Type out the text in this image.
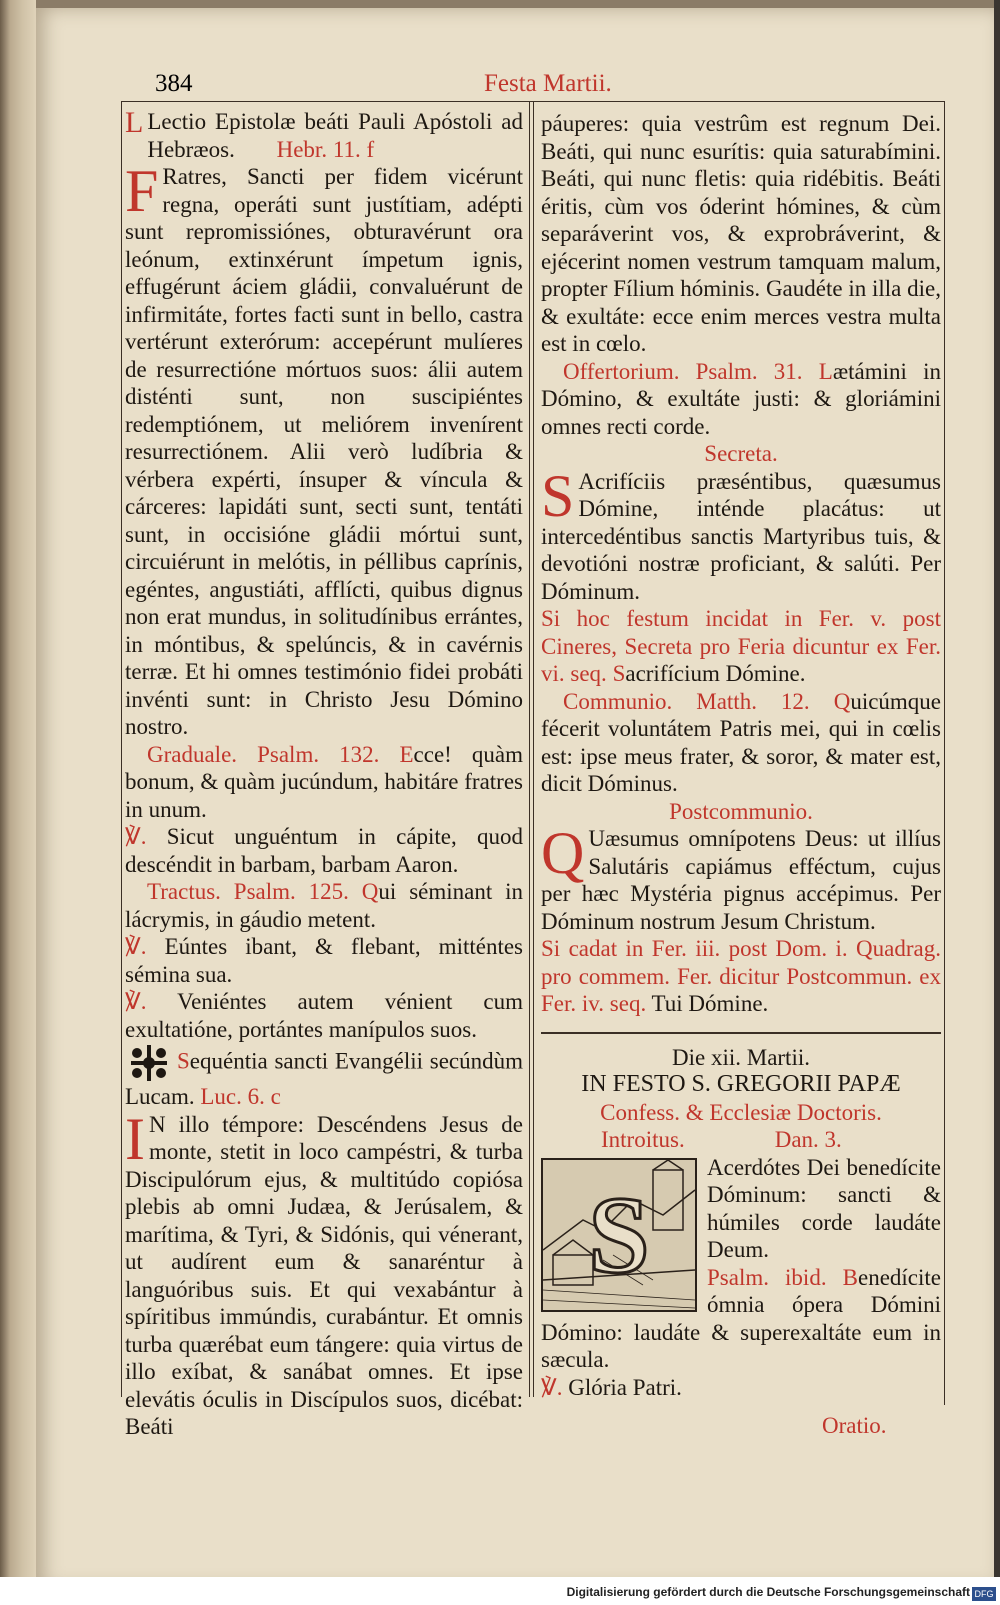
384	Festa Martii.

L Lectio Epistolæ beáti Pauli Apóstoli ad Hebræos. Hebr. 11. f

F Ratres, Sancti per fidem vicérunt regna, operáti sunt justítiam, adépti sunt repromissiónes, obturavérunt ora leónum, extinxérunt ímpetum ignis, effugérunt áciem gládii, convaluérunt de infirmitáte, fortes facti sunt in bello, castra vertérunt exterórum: accepérunt mulíeres de resurrectióne mórtuos suos: álii autem disténti sunt, non suscipiéntes redemptiónem, ut meliórem invenírent resurrectiónem. Alii verò ludíbria & vérbera expérti, ínsuper & víncula & cárceres: lapidáti sunt, secti sunt, tentáti sunt, in occisióne gládii mórtui sunt, circuiérunt in melótis, in péllibus caprínis, egéntes, angustiáti, afflícti, quibus dignus non erat mundus, in solitudínibus errántes, in móntibus, & spelúncis, & in cavérnis terræ. Et hi omnes testimónio fidei probáti invénti sunt: in Christo Jesu Dómino nostro.

Graduale. Psalm. 132. Ecce! quàm bonum, & quàm jucúndum, habitáre fratres in unum.

℣. Sicut unguéntum in cápite, quod descéndit in barbam, barbam Aaron.

Tractus. Psalm. 125. Qui séminant in lácrymis, in gáudio metent.

℣. Eúntes ibant, & flebant, mitténtes sémina sua.

℣. Veniéntes autem vénient cum exultatióne, portántes manípulos suos.

Sequéntia sancti Evangélii secúndùm Lucam. Luc. 6. c

I N illo témpore: Descéndens Jesus de monte, stetit in loco campéstri, & turba Discipulórum ejus, & multitúdo copiósa plebis ab omni Judæa, & Jerúsalem, & marítima, & Tyri, & Sidónis, qui vénerant, ut audírent eum & sanaréntur à languóribus suis. Et qui vexabántur à spíritibus immúndis, curabántur. Et omnis turba quærébat eum tángere: quia virtus de illo exíbat, & sanábat omnes. Et ipse elevátis óculis in Discípulos suos, dicébat: Beáti

páuperes: quia vestrûm est regnum Dei. Beáti, qui nunc esurítis: quia saturabímini. Beáti, qui nunc fletis: quia ridébitis. Beáti éritis, cùm vos óderint hómines, & cùm separáverint vos, & exprobráverint, & ejécerint nomen vestrum tamquam malum, propter Fílium hóminis. Gaudéte in illa die, & exultáte: ecce enim merces vestra multa est in cœlo.

Offertorium. Psalm. 31. Lætámini in Dómino, & exultáte justi: & gloriámini omnes recti corde.

Secreta.

S Acrifíciis præséntibus, quæsumus Dómine, inténde placátus: ut intercedéntibus sanctis Martyribus tuis, & devotióni nostræ proficiant, & salúti. Per Dóminum.

Si hoc festum incidat in Fer. v. post Cineres, Secreta pro Feria dicuntur ex Fer. vi. seq. Sacrifícium Dómine.

Communio. Matth. 12. Quicúmque fécerit voluntátem Patris mei, qui in cœlis est: ipse meus frater, & soror, & mater est, dicit Dóminus.

Postcommunio.

Q Uæsumus omnípotens Deus: ut illíus Salutáris capiámus efféctum, cujus per hæc Mystéria pignus accépimus. Per Dóminum nostrum Jesum Christum.

Si cadat in Fer. iii. post Dom. i. Quadrag. pro commem. Fer. dicitur Postcommun. ex Fer. iv. seq. Tui Dómine.

Die xii. Martii.

IN FESTO S. GREGORII PAPÆ

Confess. & Ecclesiæ Doctoris.

Introitus.	Dan. 3.

S

Acerdótes Dei benedícite Dóminum: sancti & húmiles corde laudáte Deum.

Psalm. ibid. Benedícite ómnia ópera Dómini Dómino: laudáte & superexaltáte eum in sæcula.

℣. Glória Patri.

Oratio.
Digitalisierung gefördert durch die Deutsche Forschungsgemeinschaft DFG
